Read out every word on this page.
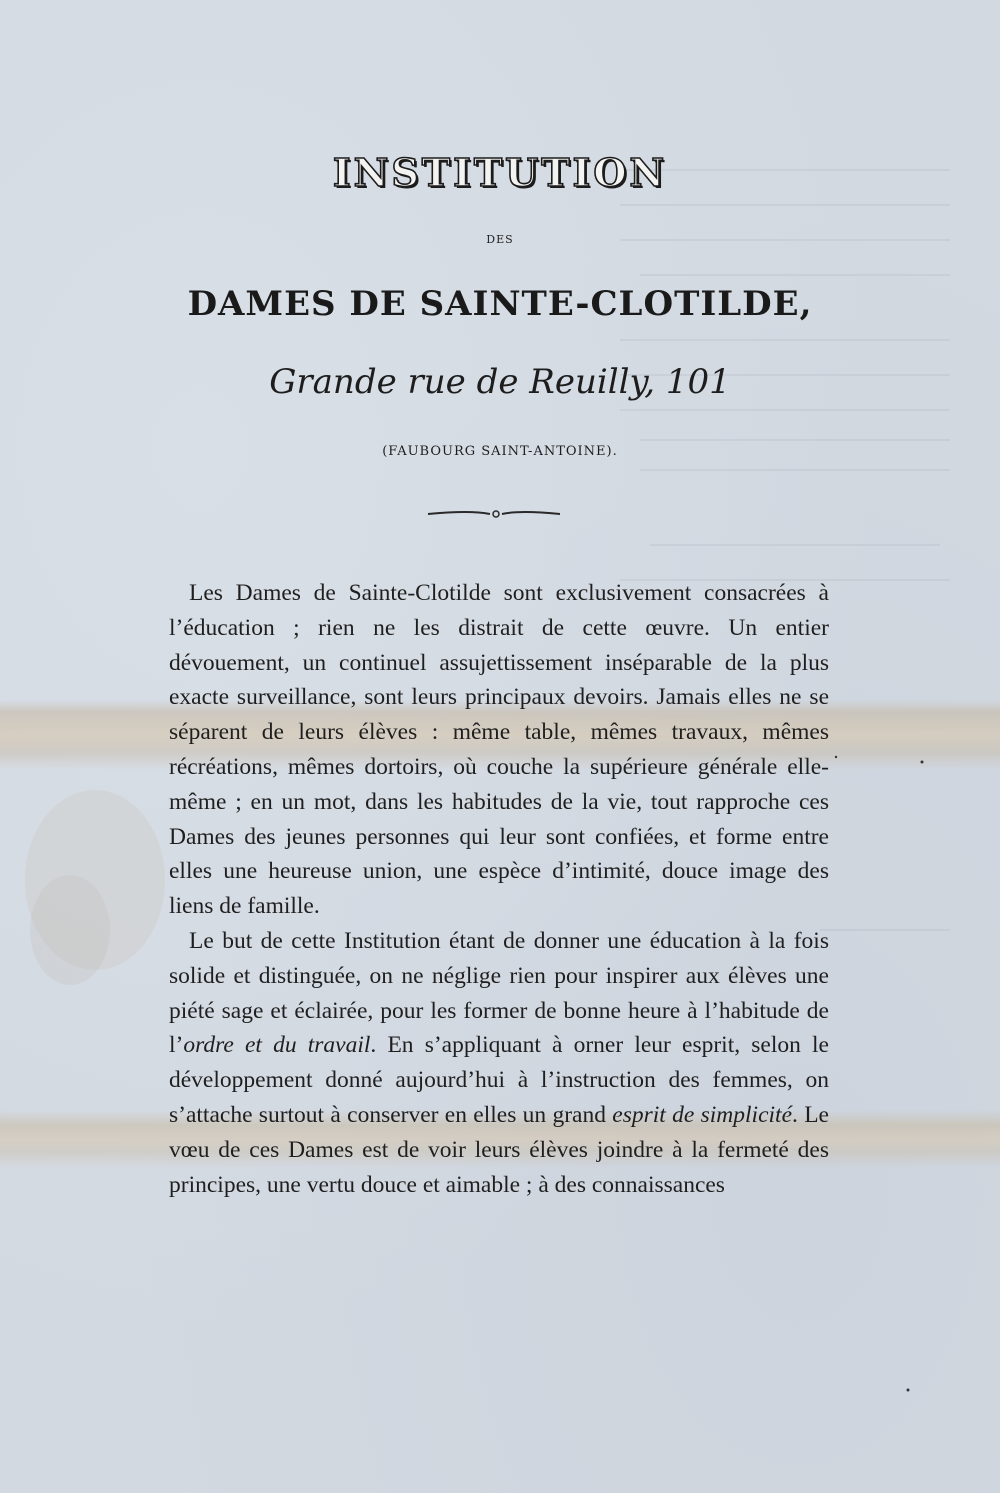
INSTITUTION
DES
DAMES DE SAINTE-CLOTILDE,
Grande rue de Reuilly, 101
(FAUBOURG SAINT-ANTOINE).

Les Dames de Sainte-Clotilde sont exclusivement consacrées à l’éducation ; rien ne les distrait de cette œuvre. Un entier dévouement, un continuel assujettissement inséparable de la plus exacte surveillance, sont leurs principaux devoirs. Jamais elles ne se séparent de leurs élèves : même table, mêmes travaux, mêmes récréations, mêmes dortoirs, où couche la supérieure générale elle-même ; en un mot, dans les habitudes de la vie, tout rapproche ces Dames des jeunes personnes qui leur sont confiées, et forme entre elles une heureuse union, une espèce d’intimité, douce image des liens de famille.

Le but de cette Institution étant de donner une éducation à la fois solide et distinguée, on ne néglige rien pour inspirer aux élèves une piété sage et éclairée, pour les former de bonne heure à l’habitude de l’ordre et du travail. En s’appliquant à orner leur esprit, selon le développement donné aujourd’hui à l’instruction des femmes, on s’attache surtout à conserver en elles un grand esprit de simplicité. Le vœu de ces Dames est de voir leurs élèves joindre à la fermeté des principes, une vertu douce et aimable ; à des connaissances
